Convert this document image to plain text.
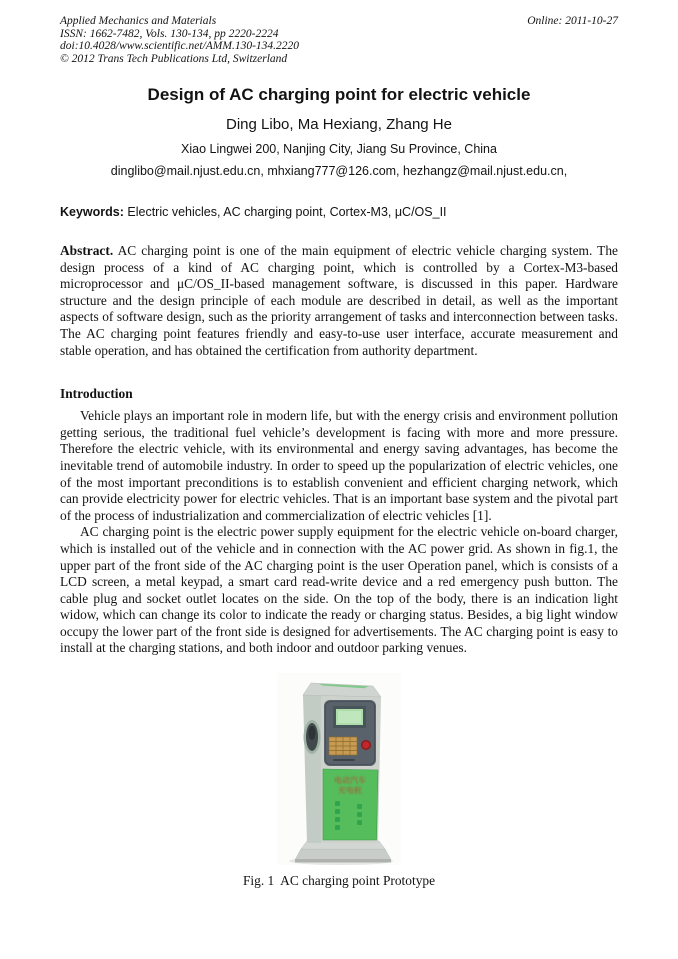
Applied Mechanics and Materials
ISSN: 1662-7482, Vols. 130-134, pp 2220-2224
doi:10.4028/www.scientific.net/AMM.130-134.2220
© 2012 Trans Tech Publications Ltd, Switzerland
Online: 2011-10-27
Design of AC charging point for electric vehicle
Ding Libo, Ma Hexiang, Zhang He
Xiao Lingwei 200, Nanjing City, Jiang Su Province, China
dinglibo@mail.njust.edu.cn, mhxiang777@126.com, hezhangz@mail.njust.edu.cn,
Keywords: Electric vehicles, AC charging point, Cortex-M3, μC/OS_II

Abstract. AC charging point is one of the main equipment of electric vehicle charging system. The design process of a kind of AC charging point, which is controlled by a Cortex-M3-based microprocessor and μC/OS_II-based management software, is discussed in this paper. Hardware structure and the design principle of each module are described in detail, as well as the important aspects of software design, such as the priority arrangement of tasks and interconnection between tasks. The AC charging point features friendly and easy-to-use user interface, accurate measurement and stable operation, and has obtained the certification from authority department.

Introduction

Vehicle plays an important role in modern life, but with the energy crisis and environment pollution getting serious, the traditional fuel vehicle’s development is facing with more and more pressure. Therefore the electric vehicle, with its environmental and energy saving advantages, has become the inevitable trend of automobile industry. In order to speed up the popularization of electric vehicles, one of the most important preconditions is to establish convenient and efficient charging network, which can provide electricity power for electric vehicles. That is an important base system and the pivotal part of the process of industrialization and commercialization of electric vehicles [1].

AC charging point is the electric power supply equipment for the electric vehicle on-board charger, which is installed out of the vehicle and in connection with the AC power grid. As shown in fig.1, the upper part of the front side of the AC charging point is the user Operation panel, which is consists of a LCD screen, a metal keypad, a smart card read-write device and a red emergency push button. The cable plug and socket outlet locates on the side. On the top of the body, there is an indication light widow, which can change its color to indicate the ready or charging status. Besides, a big light window occupy the lower part of the front side is designed for advertisements. The AC charging point is easy to install at the charging stations, and both indoor and outdoor parking venues.

电动汽车
充电桩
Fig. 1  AC charging point Prototype
